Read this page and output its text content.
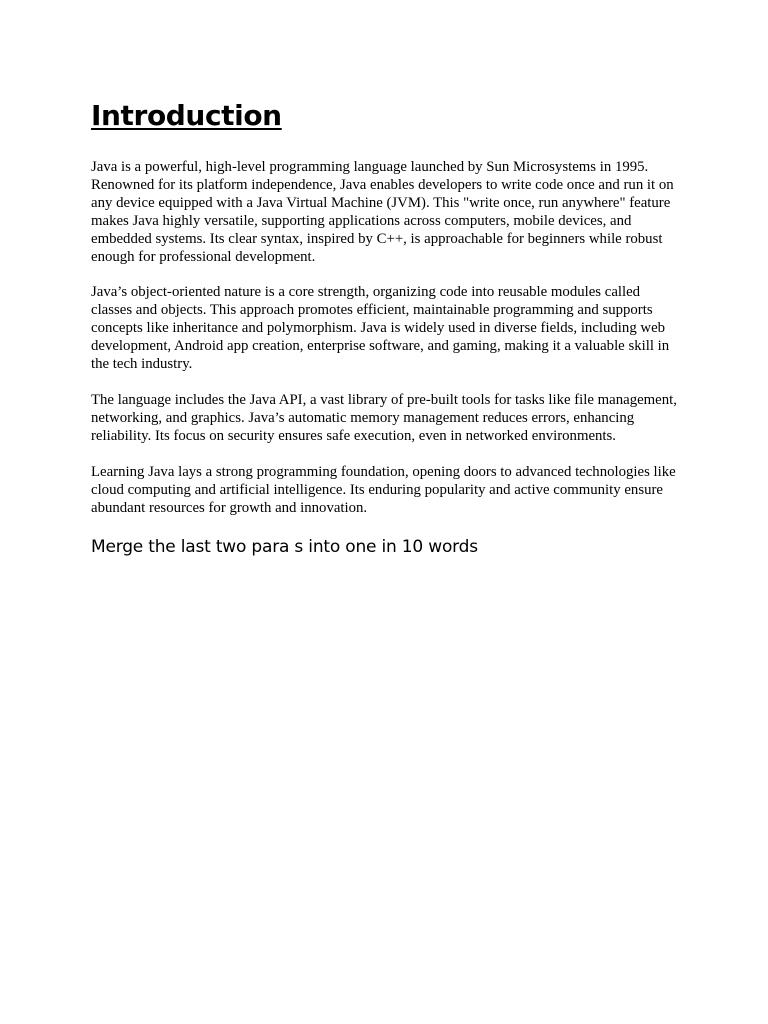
Introduction

Java is a powerful, high-level programming language launched by Sun Microsystems in 1995. Renowned for its platform independence, Java enables developers to write code once and run it on any device equipped with a Java Virtual Machine (JVM). This "write once, run anywhere" feature makes Java highly versatile, supporting applications across computers, mobile devices, and embedded systems. Its clear syntax, inspired by C++, is approachable for beginners while robust enough for professional development.

Java’s object-oriented nature is a core strength, organizing code into reusable modules called classes and objects. This approach promotes efficient, maintainable programming and supports concepts like inheritance and polymorphism. Java is widely used in diverse fields, including web development, Android app creation, enterprise software, and gaming, making it a valuable skill in the tech industry.

The language includes the Java API, a vast library of pre-built tools for tasks like file management, networking, and graphics. Java’s automatic memory management reduces errors, enhancing reliability. Its focus on security ensures safe execution, even in networked environments.

Learning Java lays a strong programming foundation, opening doors to advanced technologies like cloud computing and artificial intelligence. Its enduring popularity and active community ensure abundant resources for growth and innovation.

Merge the last two para s into one in 10 words
